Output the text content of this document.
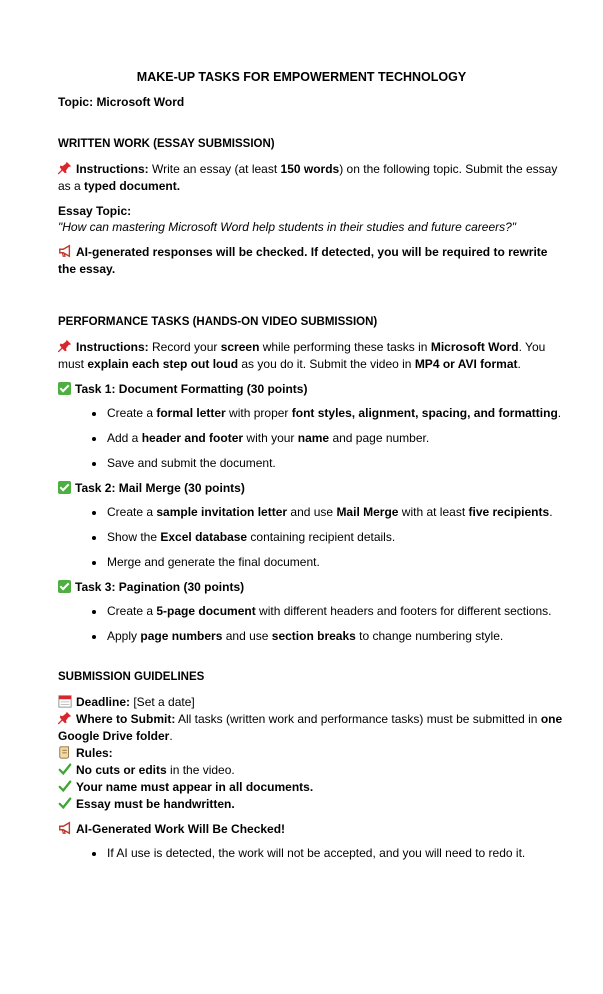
MAKE-UP TASKS FOR EMPOWERMENT TECHNOLOGY
Topic: Microsoft Word
WRITTEN WORK (ESSAY SUBMISSION)
Instructions: Write an essay (at least 150 words) on the following topic. Submit the essay
as a typed document.
Essay Topic:
"How can mastering Microsoft Word help students in their studies and future careers?"
AI-generated responses will be checked. If detected, you will be required to rewrite
the essay.
PERFORMANCE TASKS (HANDS-ON VIDEO SUBMISSION)
Instructions: Record your screen while performing these tasks in Microsoft Word. You
must explain each step out loud as you do it. Submit the video in MP4 or AVI format.
Task 1: Document Formatting (30 points)
Create a formal letter with proper font styles, alignment, spacing, and formatting.
Add a header and footer with your name and page number.
Save and submit the document.
Task 2: Mail Merge (30 points)
Create a sample invitation letter and use Mail Merge with at least five recipients.
Show the Excel database containing recipient details.
Merge and generate the final document.
Task 3: Pagination (30 points)
Create a 5-page document with different headers and footers for different sections.
Apply page numbers and use section breaks to change numbering style.
SUBMISSION GUIDELINES
Deadline: [Set a date]
Where to Submit: All tasks (written work and performance tasks) must be submitted in one
Google Drive folder.
Rules:
No cuts or edits in the video.
Your name must appear in all documents.
Essay must be handwritten.
AI-Generated Work Will Be Checked!
If AI use is detected, the work will not be accepted, and you will need to redo it.
